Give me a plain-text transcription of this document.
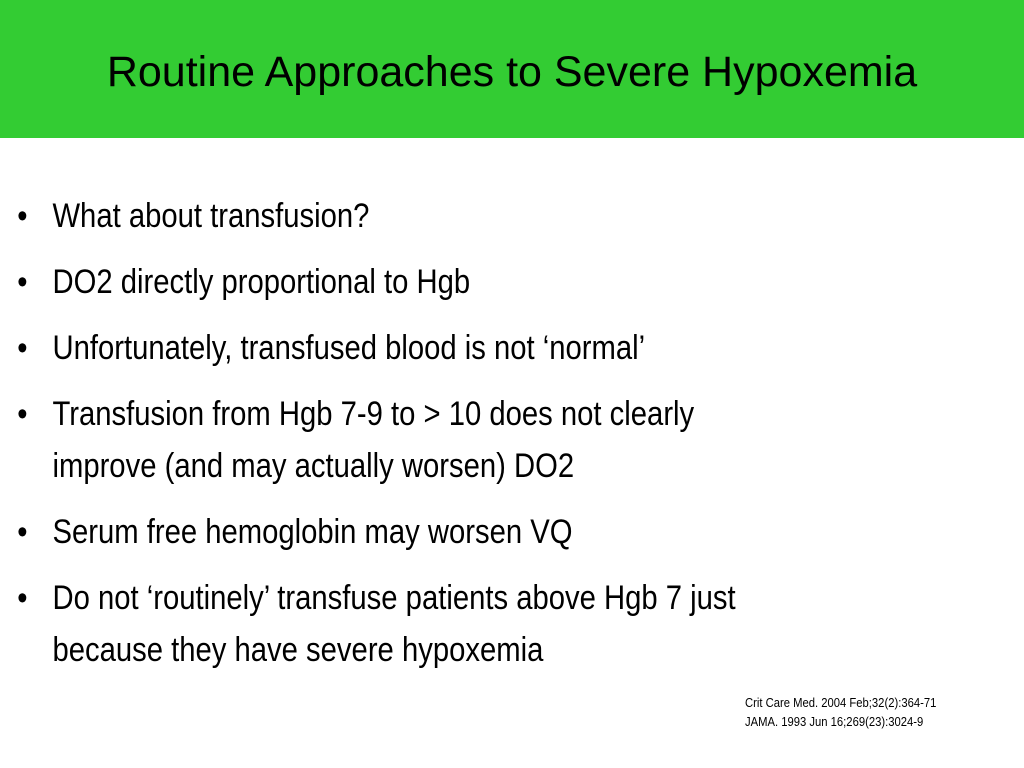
Routine Approaches to Severe Hypoxemia
• What about transfusion?
• DO2 directly proportional to Hgb
• Unfortunately, transfused blood is not ‘normal’
• Transfusion from Hgb 7-9 to > 10 does not clearly
improve (and may actually worsen) DO2
• Serum free hemoglobin may worsen VQ
• Do not ‘routinely’ transfuse patients above Hgb 7 just
because they have severe hypoxemia
Crit Care Med. 2004 Feb;32(2):364-71
JAMA. 1993 Jun 16;269(23):3024-9
